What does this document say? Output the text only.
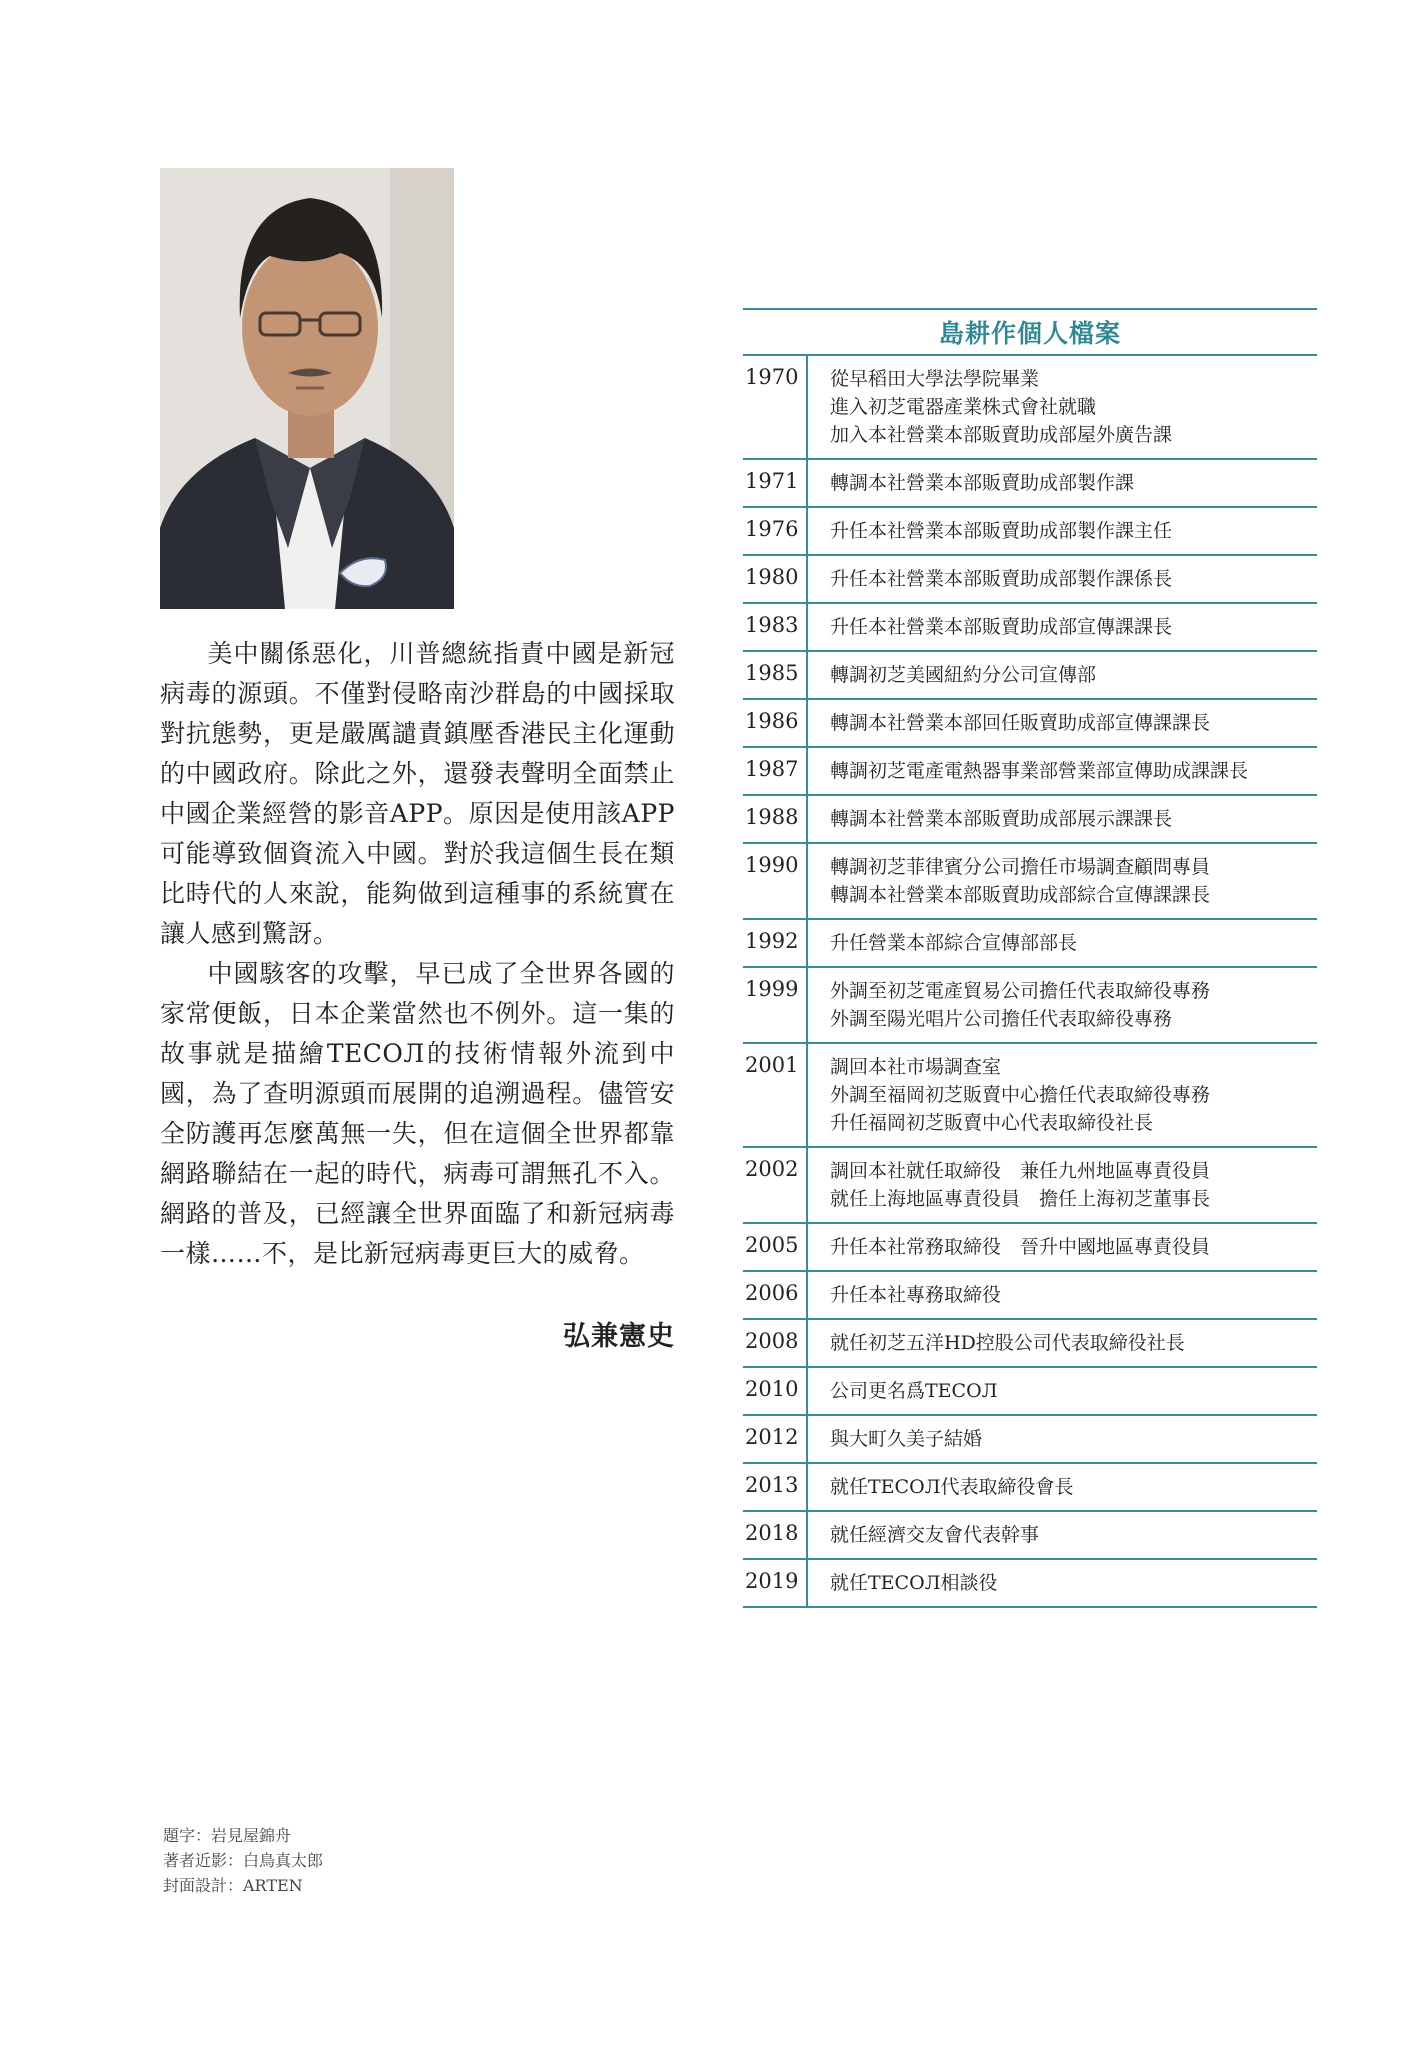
美中關係惡化，川普總統指責中國是新冠病毒的源頭。不僅對侵略南沙群島的中國採取對抗態勢，更是嚴厲譴責鎮壓香港民主化運動的中國政府。除此之外，還發表聲明全面禁止中國企業經營的影音APP。原因是使用該APP可能導致個資流入中國。對於我這個生長在類比時代的人來說，能夠做到這種事的系統實在讓人感到驚訝。

中國駭客的攻擊，早已成了全世界各國的家常便飯，日本企業當然也不例外。這一集的故事就是描繪TECOЛ的技術情報外流到中國，為了查明源頭而展開的追溯過程。儘管安全防護再怎麼萬無一失，但在這個全世界都靠網路聯結在一起的時代，病毒可謂無孔不入。網路的普及，已經讓全世界面臨了和新冠病毒一樣……不，是比新冠病毒更巨大的威脅。

弘兼憲史
題字：岩見屋錦舟
著者近影：白鳥真太郎
封面設計：ARTEN
島耕作個人檔案
1970	從早稻田大學法學院畢業
進入初芝電器產業株式會社就職
加入本社營業本部販賣助成部屋外廣告課
1971	轉調本社營業本部販賣助成部製作課
1976	升任本社營業本部販賣助成部製作課主任
1980	升任本社營業本部販賣助成部製作課係長
1983	升任本社營業本部販賣助成部宣傳課課長
1985	轉調初芝美國紐約分公司宣傳部
1986	轉調本社營業本部回任販賣助成部宣傳課課長
1987	轉調初芝電產電熱器事業部營業部宣傳助成課課長
1988	轉調本社營業本部販賣助成部展示課課長
1990	轉調初芝菲律賓分公司擔任市場調查顧問專員
轉調本社營業本部販賣助成部綜合宣傳課課長
1992	升任營業本部綜合宣傳部部長
1999	外調至初芝電產貿易公司擔任代表取締役專務
外調至陽光唱片公司擔任代表取締役專務
2001	調回本社市場調查室
外調至福岡初芝販賣中心擔任代表取締役專務
升任福岡初芝販賣中心代表取締役社長
2002	調回本社就任取締役　兼任九州地區專責役員
就任上海地區專責役員　擔任上海初芝董事長
2005	升任本社常務取締役　晉升中國地區專責役員
2006	升任本社專務取締役
2008	就任初芝五洋HD控股公司代表取締役社長
2010	公司更名爲TECOЛ
2012	與大町久美子結婚
2013	就任TECOЛ代表取締役會長
2018	就任經濟交友會代表幹事
2019	就任TECOЛ相談役
